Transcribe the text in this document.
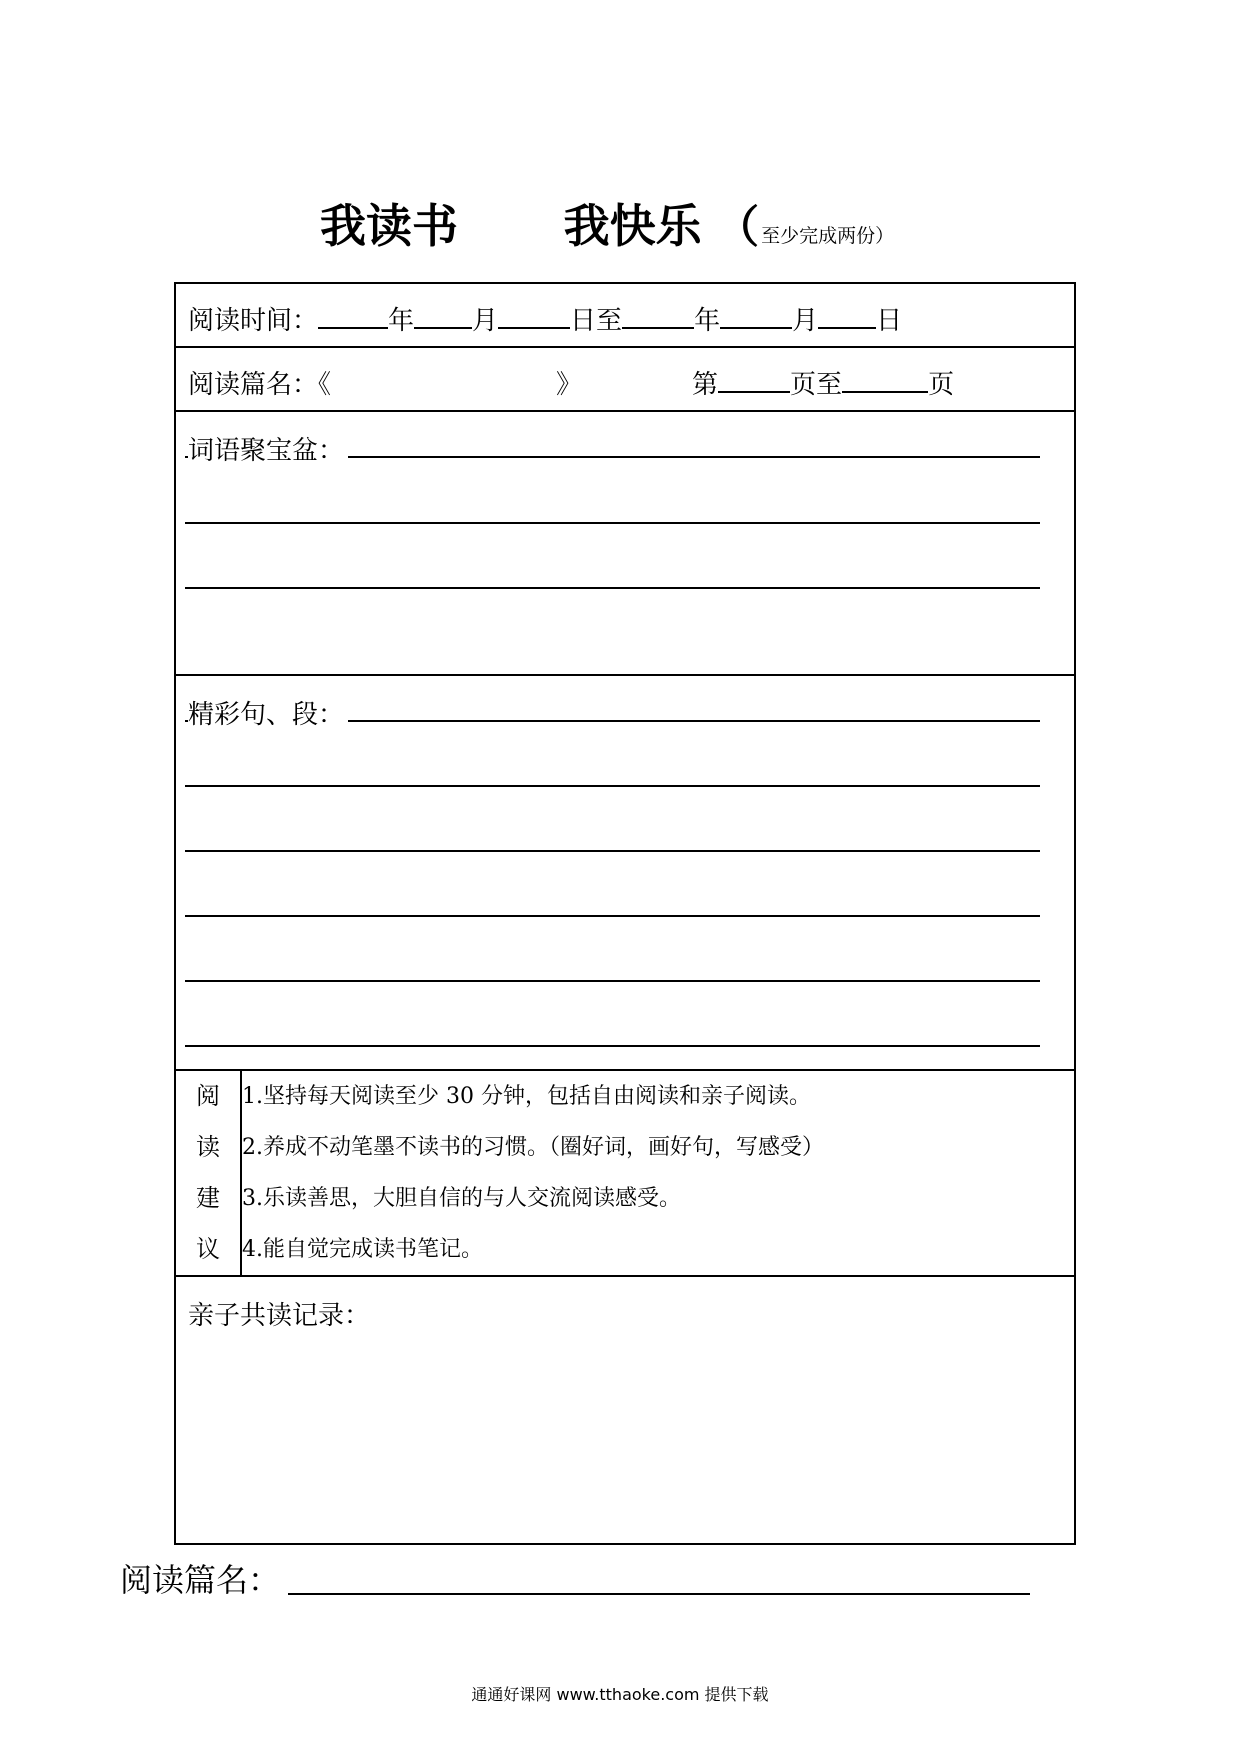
我读书 我快乐 （ 至少完成两份）
阅读时间：	年 月	日至	年	月 日

阅读篇名：《	》	第	页至	页

词语聚宝盆：

精彩句、段：

阅
读
建
议

1.坚持每天阅读至少 30 分钟，包括自由阅读和亲子阅读。
2.养成不动笔墨不读书的习惯。（圈好词，画好句，写感受）
3.乐读善思，大胆自信的与人交流阅读感受。
4.能自觉完成读书笔记。

亲子共读记录：
阅读篇名：
通通好课网 www.tthaoke.com 提供下载
